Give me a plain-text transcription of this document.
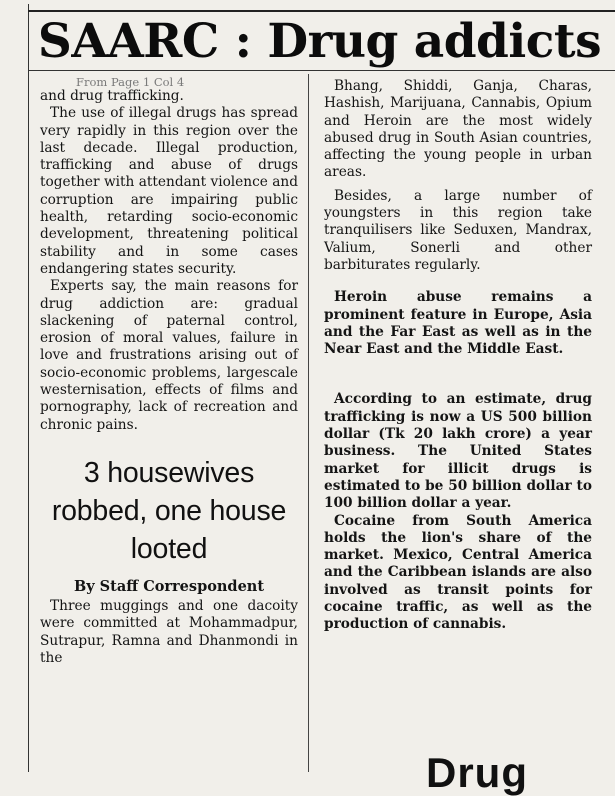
SAARC : Drug addicts
From Page 1 Col 4

and drug trafficking.

The use of illegal drugs has spread very rapidly in this region over the last decade. Illegal production, trafficking and abuse of drugs together with attendant violence and corruption are impairing public health, retarding socio-economic development, threatening political stability and in some cases endangering states security.

Experts say, the main reasons for drug addiction are: gradual slackening of paternal control, erosion of moral values, failure in love and frustrations arising out of socio-economic problems, largescale westernisation, effects of films and pornography, lack of recreation and chronic pains.

3 housewives robbed, one house looted
By Staff Correspondent

Three muggings and one dacoity were committed at Mohammadpur, Sutrapur, Ramna and Dhanmondi in the

Bhang, Shiddi, Ganja, Charas, Hashish, Marijuana, Cannabis, Opium and Heroin are the most widely abused drug in South Asian countries, affecting the young people in urban areas.

Besides, a large number of youngsters in this region take tranquilisers like Seduxen, Mandrax, Valium, Sonerli and other barbiturates regularly.

Heroin abuse remains a prominent feature in Europe, Asia and the Far East as well as in the Near East and the Middle East.

According to an estimate, drug trafficking is now a US 500 billion dollar (Tk 20 lakh crore) a year business. The United States market for illicit drugs is estimated to be 50 billion dollar to 100 billion dollar a year.

Cocaine from South America holds the lion's share of the market. Mexico, Central America and the Caribbean islands are also involved as transit points for cocaine traffic, as well as the production of cannabis.

Drug
